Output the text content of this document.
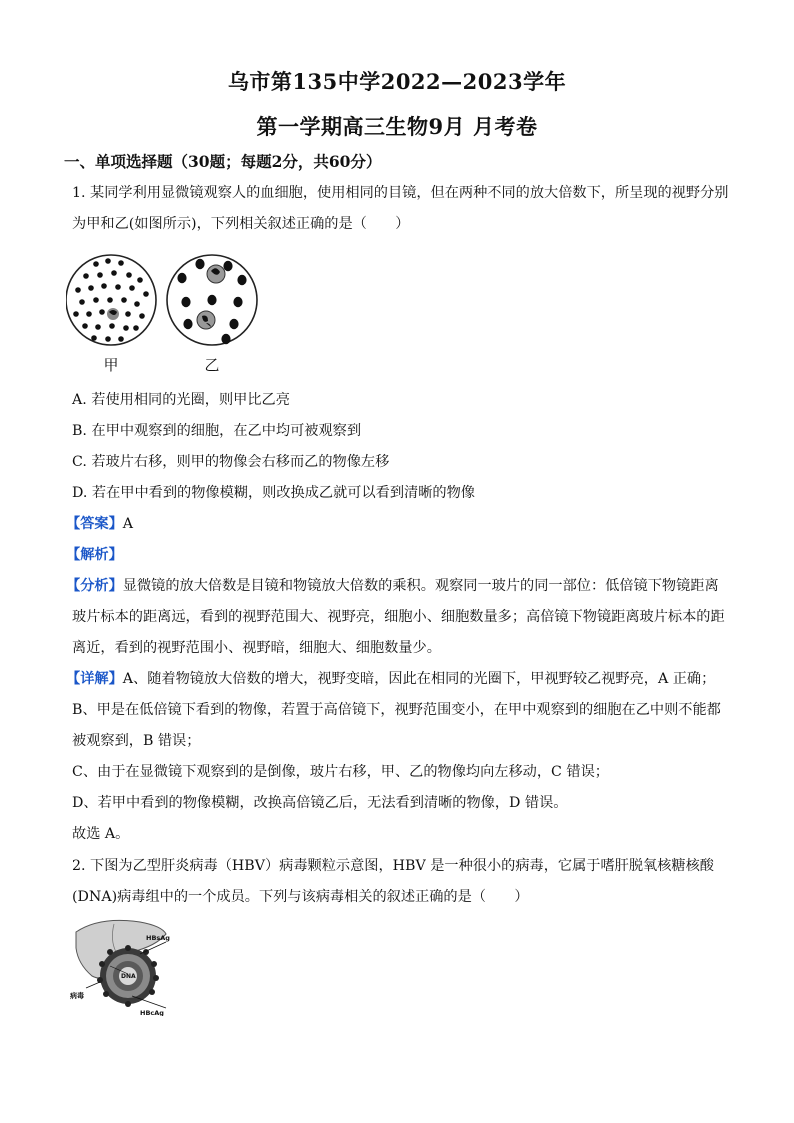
乌市第135中学2022—2023学年
第一学期高三生物9月 月考卷
一、单项选择题（30题；每题2分，共60分）
1. 某同学利用显微镜观察人的血细胞，使用相同的目镜，但在两种不同的放大倍数下，所呈现的视野分别
为甲和乙(如图所示)，下列相关叙述正确的是（　　）
甲	乙
A. 若使用相同的光圈，则甲比乙亮
B. 在甲中观察到的细胞，在乙中均可被观察到
C. 若玻片右移，则甲的物像会右移而乙的物像左移
D. 若在甲中看到的物像模糊，则改换成乙就可以看到清晰的物像
【答案】A
【解析】
【分析】显微镜的放大倍数是目镜和物镜放大倍数的乘积。观察同一玻片的同一部位：低倍镜下物镜距离
玻片标本的距离远，看到的视野范围大、视野亮，细胞小、细胞数量多；高倍镜下物镜距离玻片标本的距
离近，看到的视野范围小、视野暗，细胞大、细胞数量少。
【详解】A、随着物镜放大倍数的增大，视野变暗，因此在相同的光圈下，甲视野较乙视野亮，A 正确；
B、甲是在低倍镜下看到的物像，若置于高倍镜下，视野范围变小，在甲中观察到的细胞在乙中则不能都
被观察到，B 错误；
C、由于在显微镜下观察到的是倒像，玻片右移，甲、乙的物像均向左移动，C 错误；
D、若甲中看到的物像模糊，改换高倍镜乙后，无法看到清晰的物像，D 错误。
故选 A。
2. 下图为乙型肝炎病毒（HBV）病毒颗粒示意图，HBV 是一种很小的病毒，它属于嗜肝脱氧核糖核酸
(DNA)病毒组中的一个成员。下列与该病毒相关的叙述正确的是（　　）
HBsAg
DNA
病毒
HBcAg
